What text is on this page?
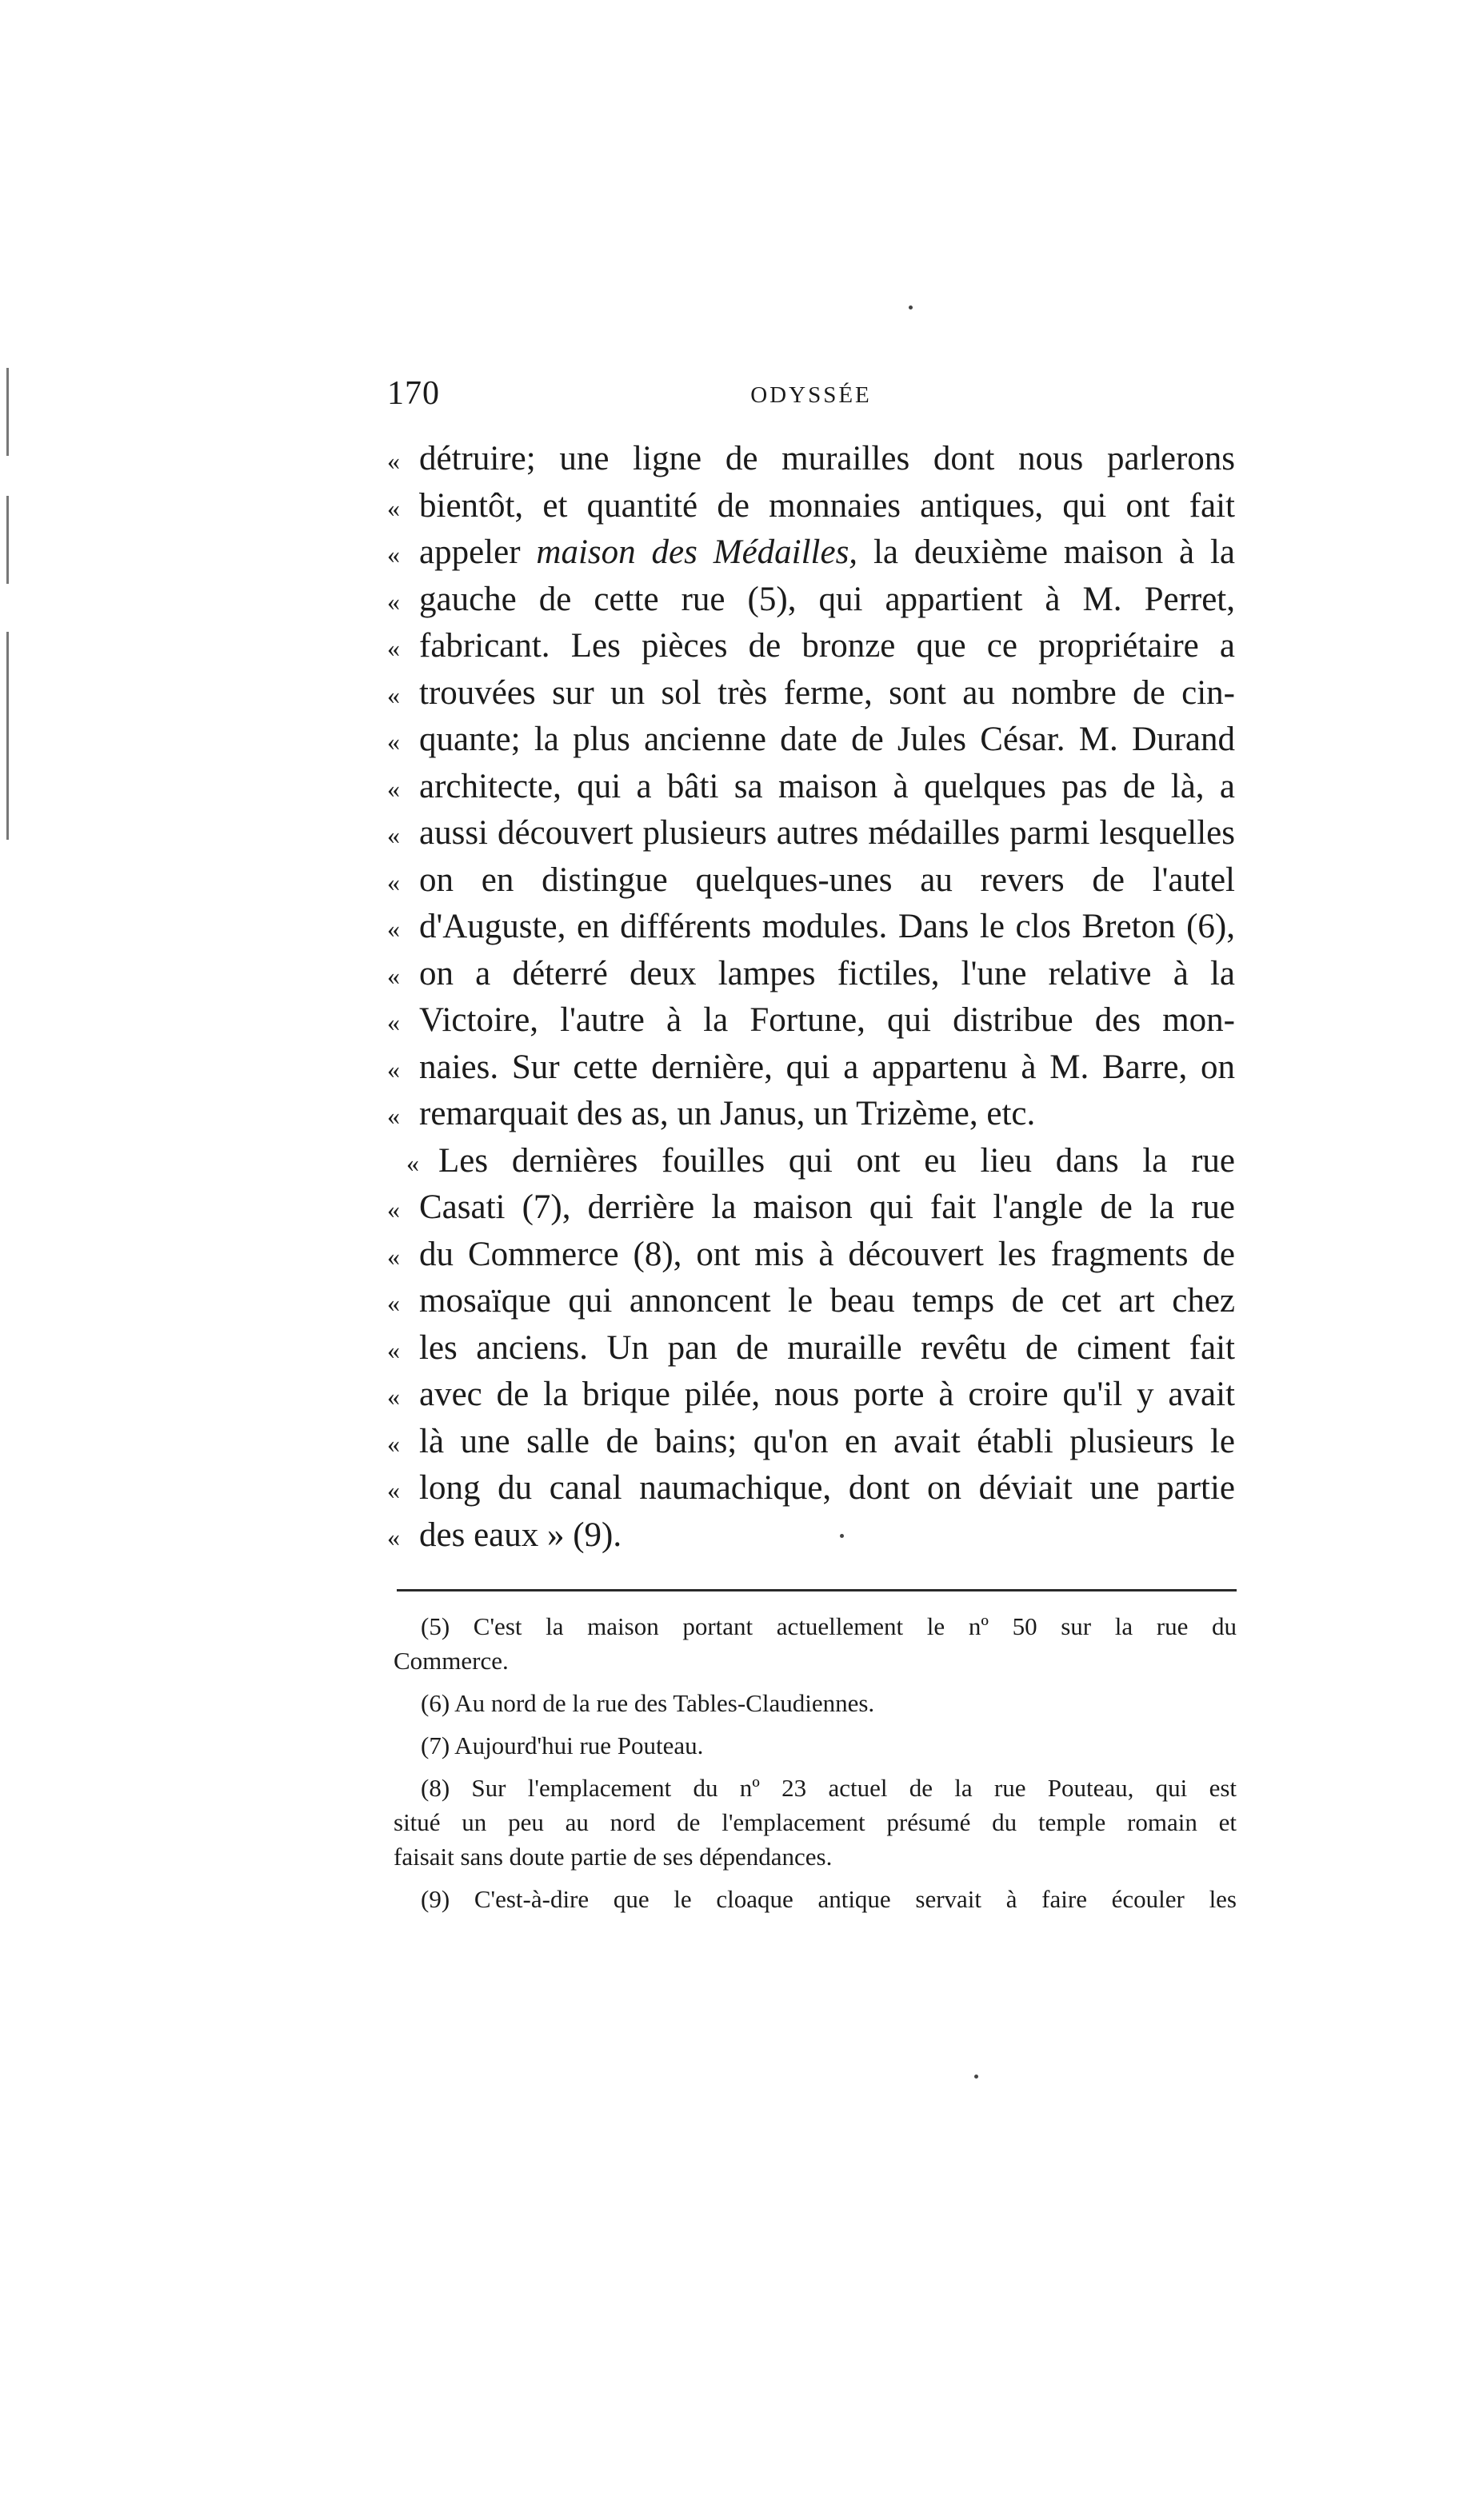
170	ODYSSÉE
« détruire; une ligne de murailles dont nous parlerons
« bientôt, et quantité de monnaies antiques, qui ont fait
« appeler maison des Médailles, la deuxième maison à la
« gauche de cette rue (5), qui appartient à M. Perret,
« fabricant. Les pièces de bronze que ce propriétaire a
« trouvées sur un sol très ferme, sont au nombre de cin-
« quante; la plus ancienne date de Jules César. M. Durand
« architecte, qui a bâti sa maison à quelques pas de là, a
« aussi découvert plusieurs autres médailles parmi lesquelles
« on en distingue quelques-unes au revers de l'autel
« d'Auguste, en différents modules. Dans le clos Breton (6),
« on a déterré deux lampes fictiles, l'une relative à la
« Victoire, l'autre à la Fortune, qui distribue des mon-
« naies. Sur cette dernière, qui a appartenu à M. Barre, on
« remarquait des as, un Janus, un Trizème, etc.
« Les dernières fouilles qui ont eu lieu dans la rue
« Casati (7), derrière la maison qui fait l'angle de la rue
« du Commerce (8), ont mis à découvert les fragments de
« mosaïque qui annoncent le beau temps de cet art chez
« les anciens. Un pan de muraille revêtu de ciment fait
« avec de la brique pilée, nous porte à croire qu'il y avait
« là une salle de bains; qu'on en avait établi plusieurs le
« long du canal naumachique, dont on déviait une partie
« des eaux » (9).
(5) C'est la maison portant actuellement le nº 50 sur la rue du
Commerce.
(6) Au nord de la rue des Tables-Claudiennes.
(7) Aujourd'hui rue Pouteau.
(8) Sur l'emplacement du nº 23 actuel de la rue Pouteau, qui est
situé un peu au nord de l'emplacement présumé du temple romain et
faisait sans doute partie de ses dépendances.
(9) C'est-à-dire que le cloaque antique servait à faire écouler les
